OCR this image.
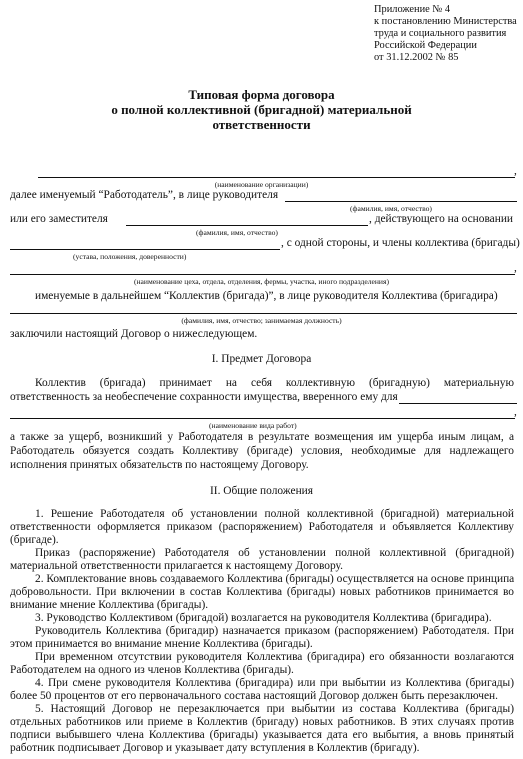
Приложение № 4
к постановлению Министерства
труда и социального развития
Российской Федерации
от 31.12.2002 № 85
Типовая форма договора
о полной коллективной (бригадной) материальной
ответственности
,
(наименование организации)
далее именуемый “Работодатель”, в лице руководителя
(фамилия, имя, отчество)
или его заместителя	, действующего на основании
(фамилия, имя, отчество)
, с одной стороны, и члены коллектива (бригады)
(устава, положения, доверенности)
,
(наименование цеха, отдела, отделения, фермы, участка, иного подразделения)
именуемые в дальнейшем “Коллектив (бригада)”, в лице руководителя Коллектива (бригадира)
(фамилия, имя, отчество; занимаемая должность)
заключили настоящий Договор о нижеследующем.
I. Предмет Договора
Коллектив (бригада) принимает на себя коллективную (бригадную) материальную
ответственность за необеспечение сохранности имущества, вверенного ему для
,
(наименование вида работ)
а также за ущерб, возникший у Работодателя в результате возмещения им ущерба иным лицам, а
Работодатель обязуется создать Коллективу (бригаде) условия, необходимые для надлежащего
исполнения принятых обязательств по настоящему Договору.
II. Общие положения
1. Решение Работодателя об установлении полной коллективной (бригадной) материальной
ответственности оформляется приказом (распоряжением) Работодателя и объявляется Коллективу
(бригаде).
Приказ (распоряжение) Работодателя об установлении полной коллективной (бригадной)
материальной ответственности прилагается к настоящему Договору.
2. Комплектование вновь создаваемого Коллектива (бригады) осуществляется на основе принципа
добровольности. При включении в состав Коллектива (бригады) новых работников принимается во
внимание мнение Коллектива (бригады).
3. Руководство Коллективом (бригадой) возлагается на руководителя Коллектива (бригадира).
Руководитель Коллектива (бригадир) назначается приказом (распоряжением) Работодателя. При
этом принимается во внимание мнение Коллектива (бригады).
При временном отсутствии руководителя Коллектива (бригадира) его обязанности возлагаются
Работодателем на одного из членов Коллектива (бригады).
4. При смене руководителя Коллектива (бригадира) или при выбытии из Коллектива (бригады)
более 50 процентов от его первоначального состава настоящий Договор должен быть перезаключен.
5. Настоящий Договор не перезаключается при выбытии из состава Коллектива (бригады)
отдельных работников или приеме в Коллектив (бригаду) новых работников. В этих случаях против
подписи выбывшего члена Коллектива (бригады) указывается дата его выбытия, а вновь принятый
работник подписывает Договор и указывает дату вступления в Коллектив (бригаду).
